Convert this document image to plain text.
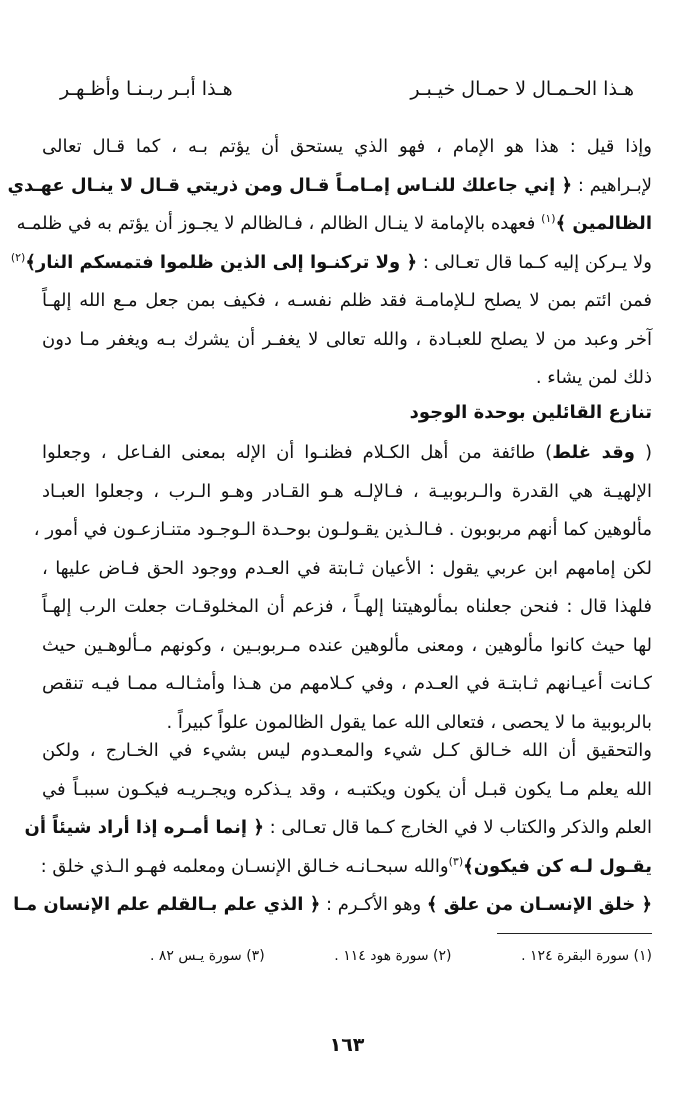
هـذا الحـمـال لا حمـال خيـبـر
هـذا أبـر ربـنـا وأظـهـر
وإذا قيل : هذا هو الإمام ، فهو الذي يستحق أن يؤتم بـه ، كما قـال تعالى
لإبـراهيم : ﴿ إني جاعلك للنـاس إمـامـاً قـال ومن ذريتي قـال لا ينـال عهـدي
الظالمين ﴾$^{(١)}$ فعهده بالإمامة لا ينـال الظالم ، فـالظالم لا يجـوز أن يؤتم به في ظلمـه
ولا يـركن إليه كـما قال تعـالى : ﴿ ولا تركنـوا إلى الذين ظلموا فتمسكم النار﴾$^{(٢)}$
فمن ائتم بمن لا يصلح لـلإمامـة فقد ظلم نفسـه ، فكيف بمن جعل مـع الله إلهـاً
آخر وعبد من لا يصلح للعبـادة ، والله تعالى لا يغفـر أن يشرك بـه ويغفر مـا دون
ذلك لمن يشاء .
تنازع القائلين بوحدة الوجود
( وقد غلط) طائفة من أهل الكـلام فظنـوا أن الإله بمعنى الفـاعل ، وجعلوا
الإلهيـة هي القدرة والـربوبيـة ، فـالإلـه هـو القـادر وهـو الـرب ، وجعلوا العبـاد
مألوهين كما أنهم مربوبون . فـالـذين يقـولـون بوحـدة الـوجـود متنـازعـون في أمور ،
لكن إمامهم ابن عربي يقول : الأعيان ثـابتة في العـدم ووجود الحق فـاض عليها ،
فلهذا قال : فنحن جعلناه بمألوهيتنا إلهـاً ، فزعم أن المخلوقـات جعلت الرب إلهـاً
لها حيث كانوا مألوهين ، ومعنى مألوهين عنده مـربوبـين ، وكونهم مـألوهـين حيث
كـانت أعيـانهم ثـابتـة في العـدم ، وفي كـلامهم من هـذا وأمثـالـه ممـا فيـه تنقص
بالربوبية ما لا يحصى ، فتعالى الله عما يقول الظالمون علواً كبيراً .
والتحقيق أن الله خـالق كـل شيء والمعـدوم ليس بشيء في الخـارج ، ولكن
الله يعلم مـا يكون قبـل أن يكون ويكتبـه ، وقد يـذكره ويجـريـه فيكـون سببـاً في
العلم والذكر والكتاب لا في الخارج كـما قال تعـالى : ﴿ إنما أمـره إذا أراد شيئاً أن
يقـول لـه كن فيكون﴾$^{(٣)}$والله سبحـانـه خـالق الإنسـان ومعلمه فهـو الـذي خلق :
﴿ خلق الإنسـان من علق ﴾ وهو الأكـرم : ﴿ الذي علم بـالقلم علم الإنسان مـا
(١) سورة البقرة ١٢٤ .
(٢) سورة هود ١١٤ .
(٣) سورة يـس ٨٢ .
١٦٣
